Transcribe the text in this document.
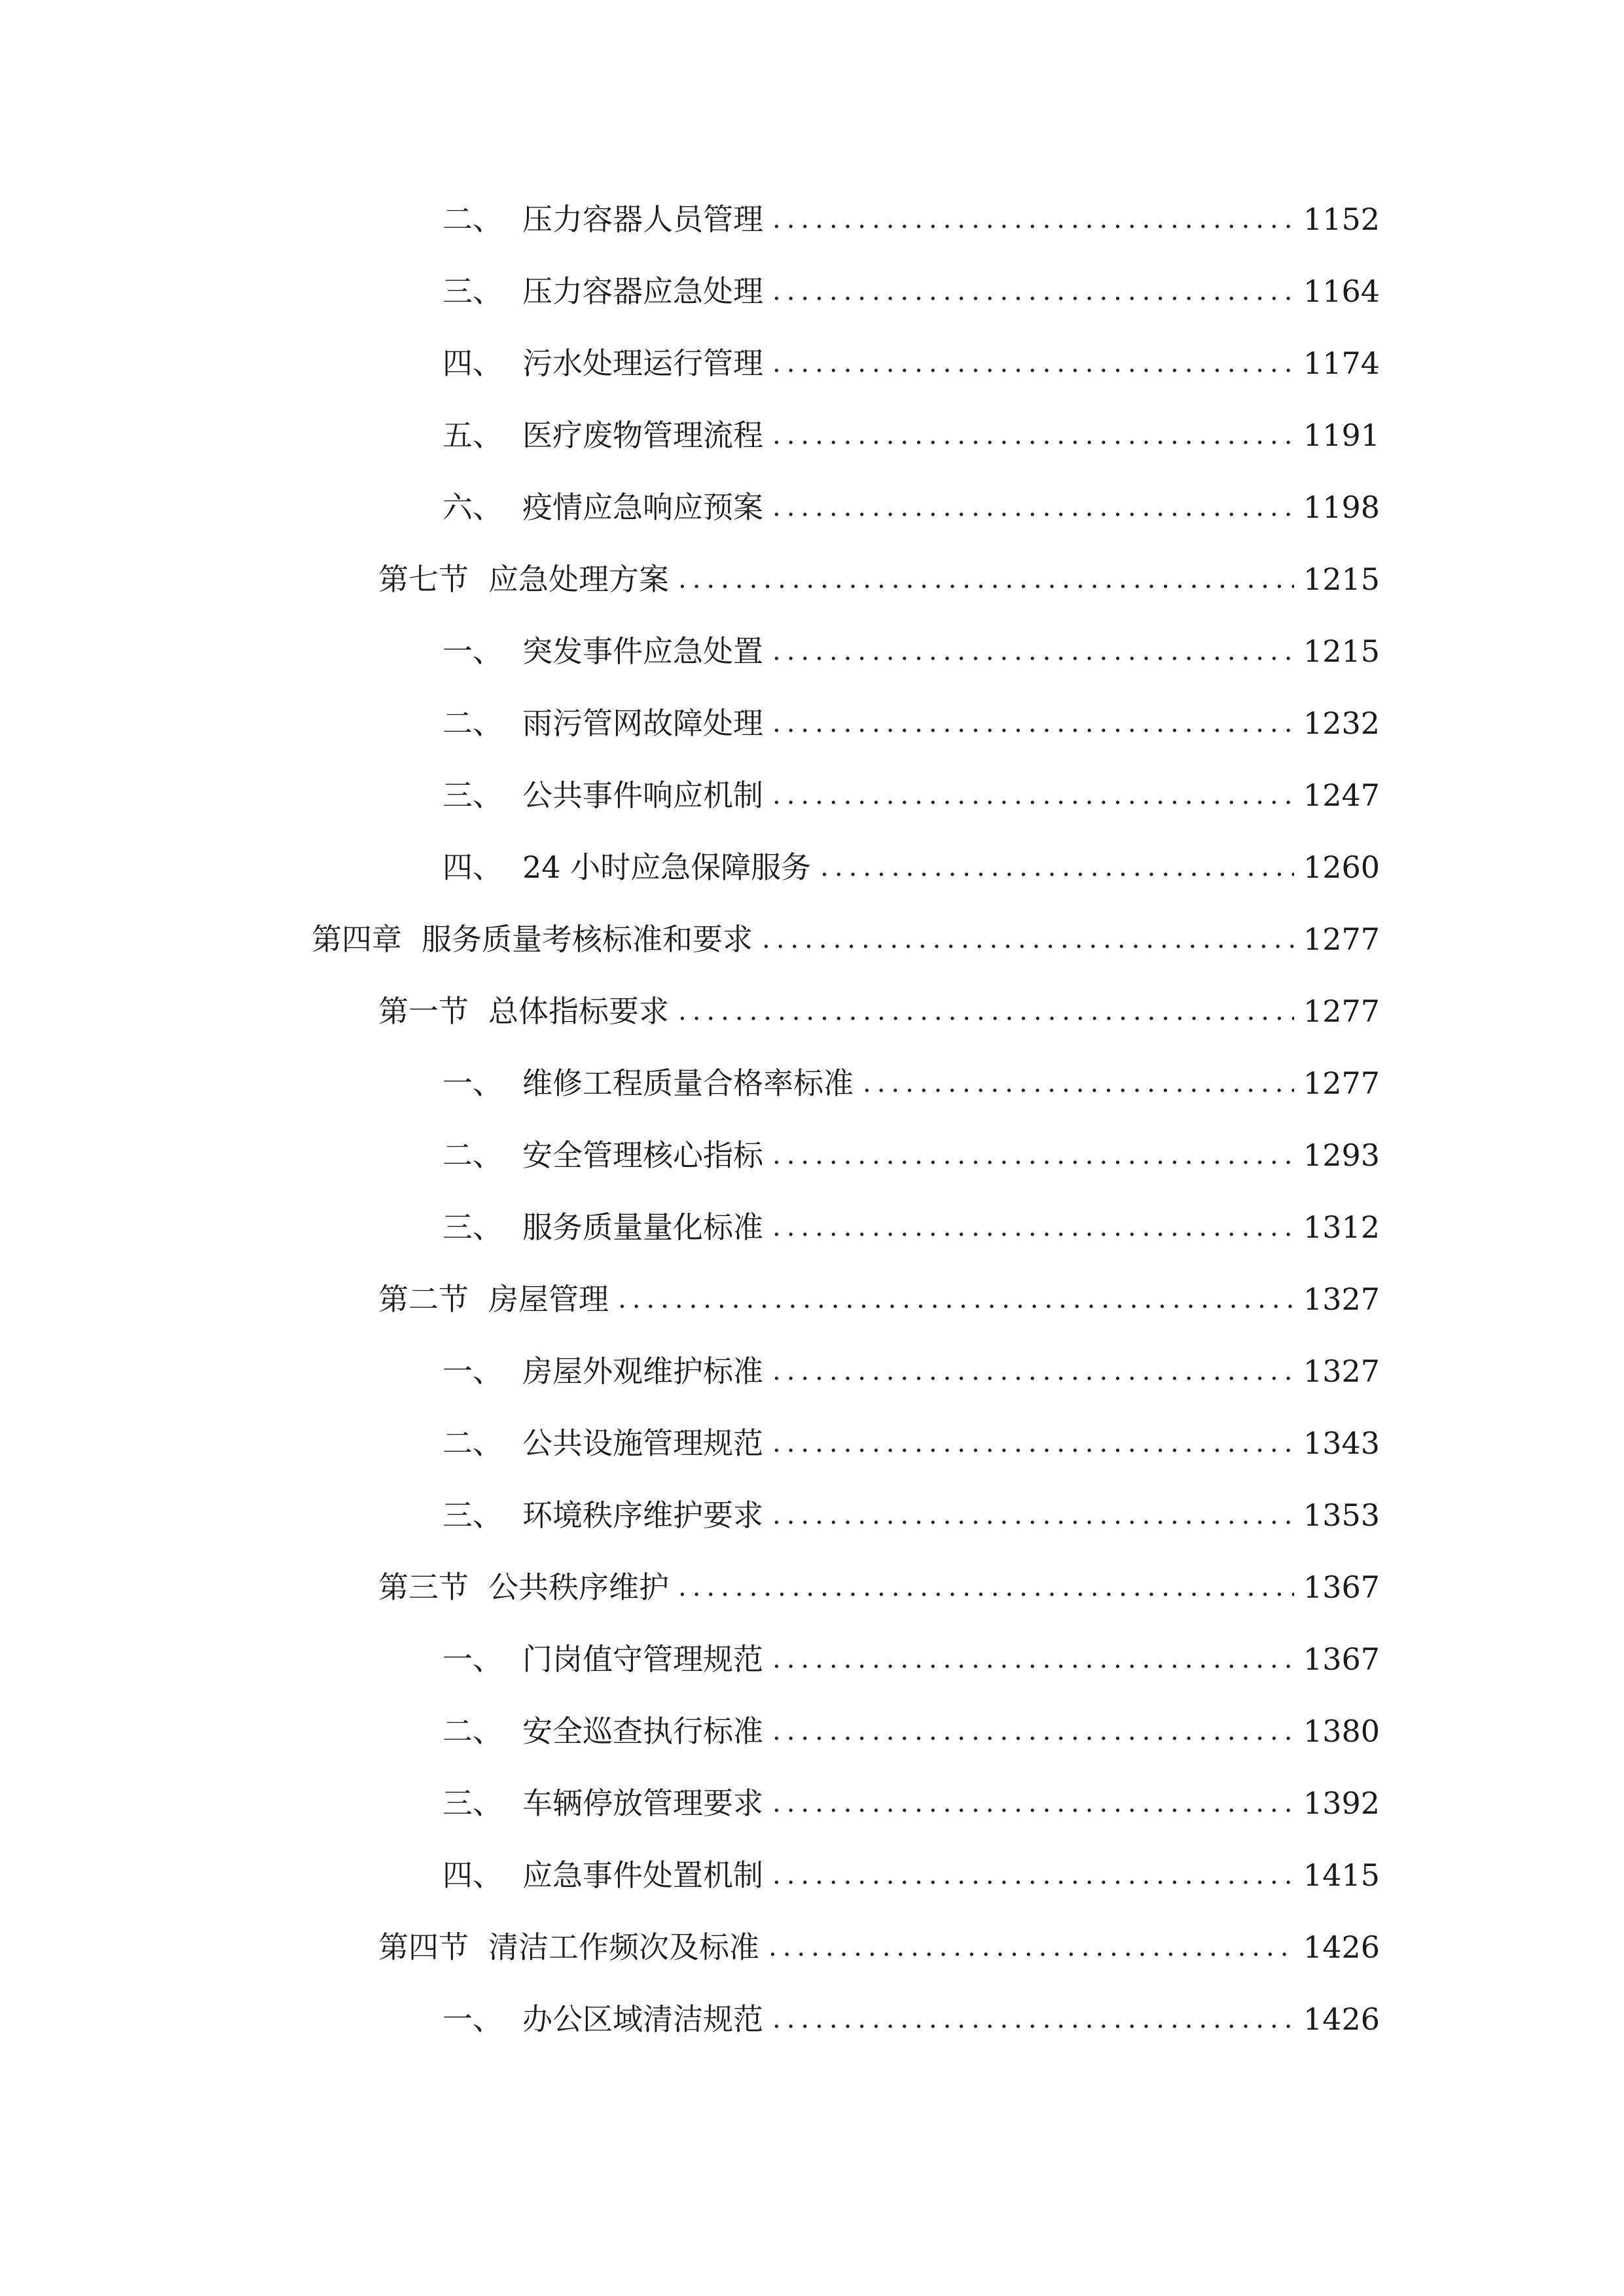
二、 压力容器人员管理 .....	1152
三、 压力容器应急处理 .....	1164
四、 污水处理运行管理 .....	1174
五、 医疗废物管理流程 .....	1191
六、 疫情应急响应预案 .....	1198
第七节 应急处理方案 .....	1215
一、 突发事件应急处置 .....	1215
二、 雨污管网故障处理 .....	1232
三、 公共事件响应机制 .....	1247
四、 24 小时应急保障服务 .....	1260
第四章 服务质量考核标准和要求 .....	1277
第一节 总体指标要求 .....	1277
一、 维修工程质量合格率标准 .....	1277
二、 安全管理核心指标 .....	1293
三、 服务质量量化标准 .....	1312
第二节 房屋管理 .....	1327
一、 房屋外观维护标准 .....	1327
二、 公共设施管理规范 .....	1343
三、 环境秩序维护要求 .....	1353
第三节 公共秩序维护 .....	1367
一、 门岗值守管理规范 .....	1367
二、 安全巡查执行标准 .....	1380
三、 车辆停放管理要求 .....	1392
四、 应急事件处置机制 .....	1415
第四节 清洁工作频次及标准 .....	1426
一、 办公区域清洁规范 .....	1426
